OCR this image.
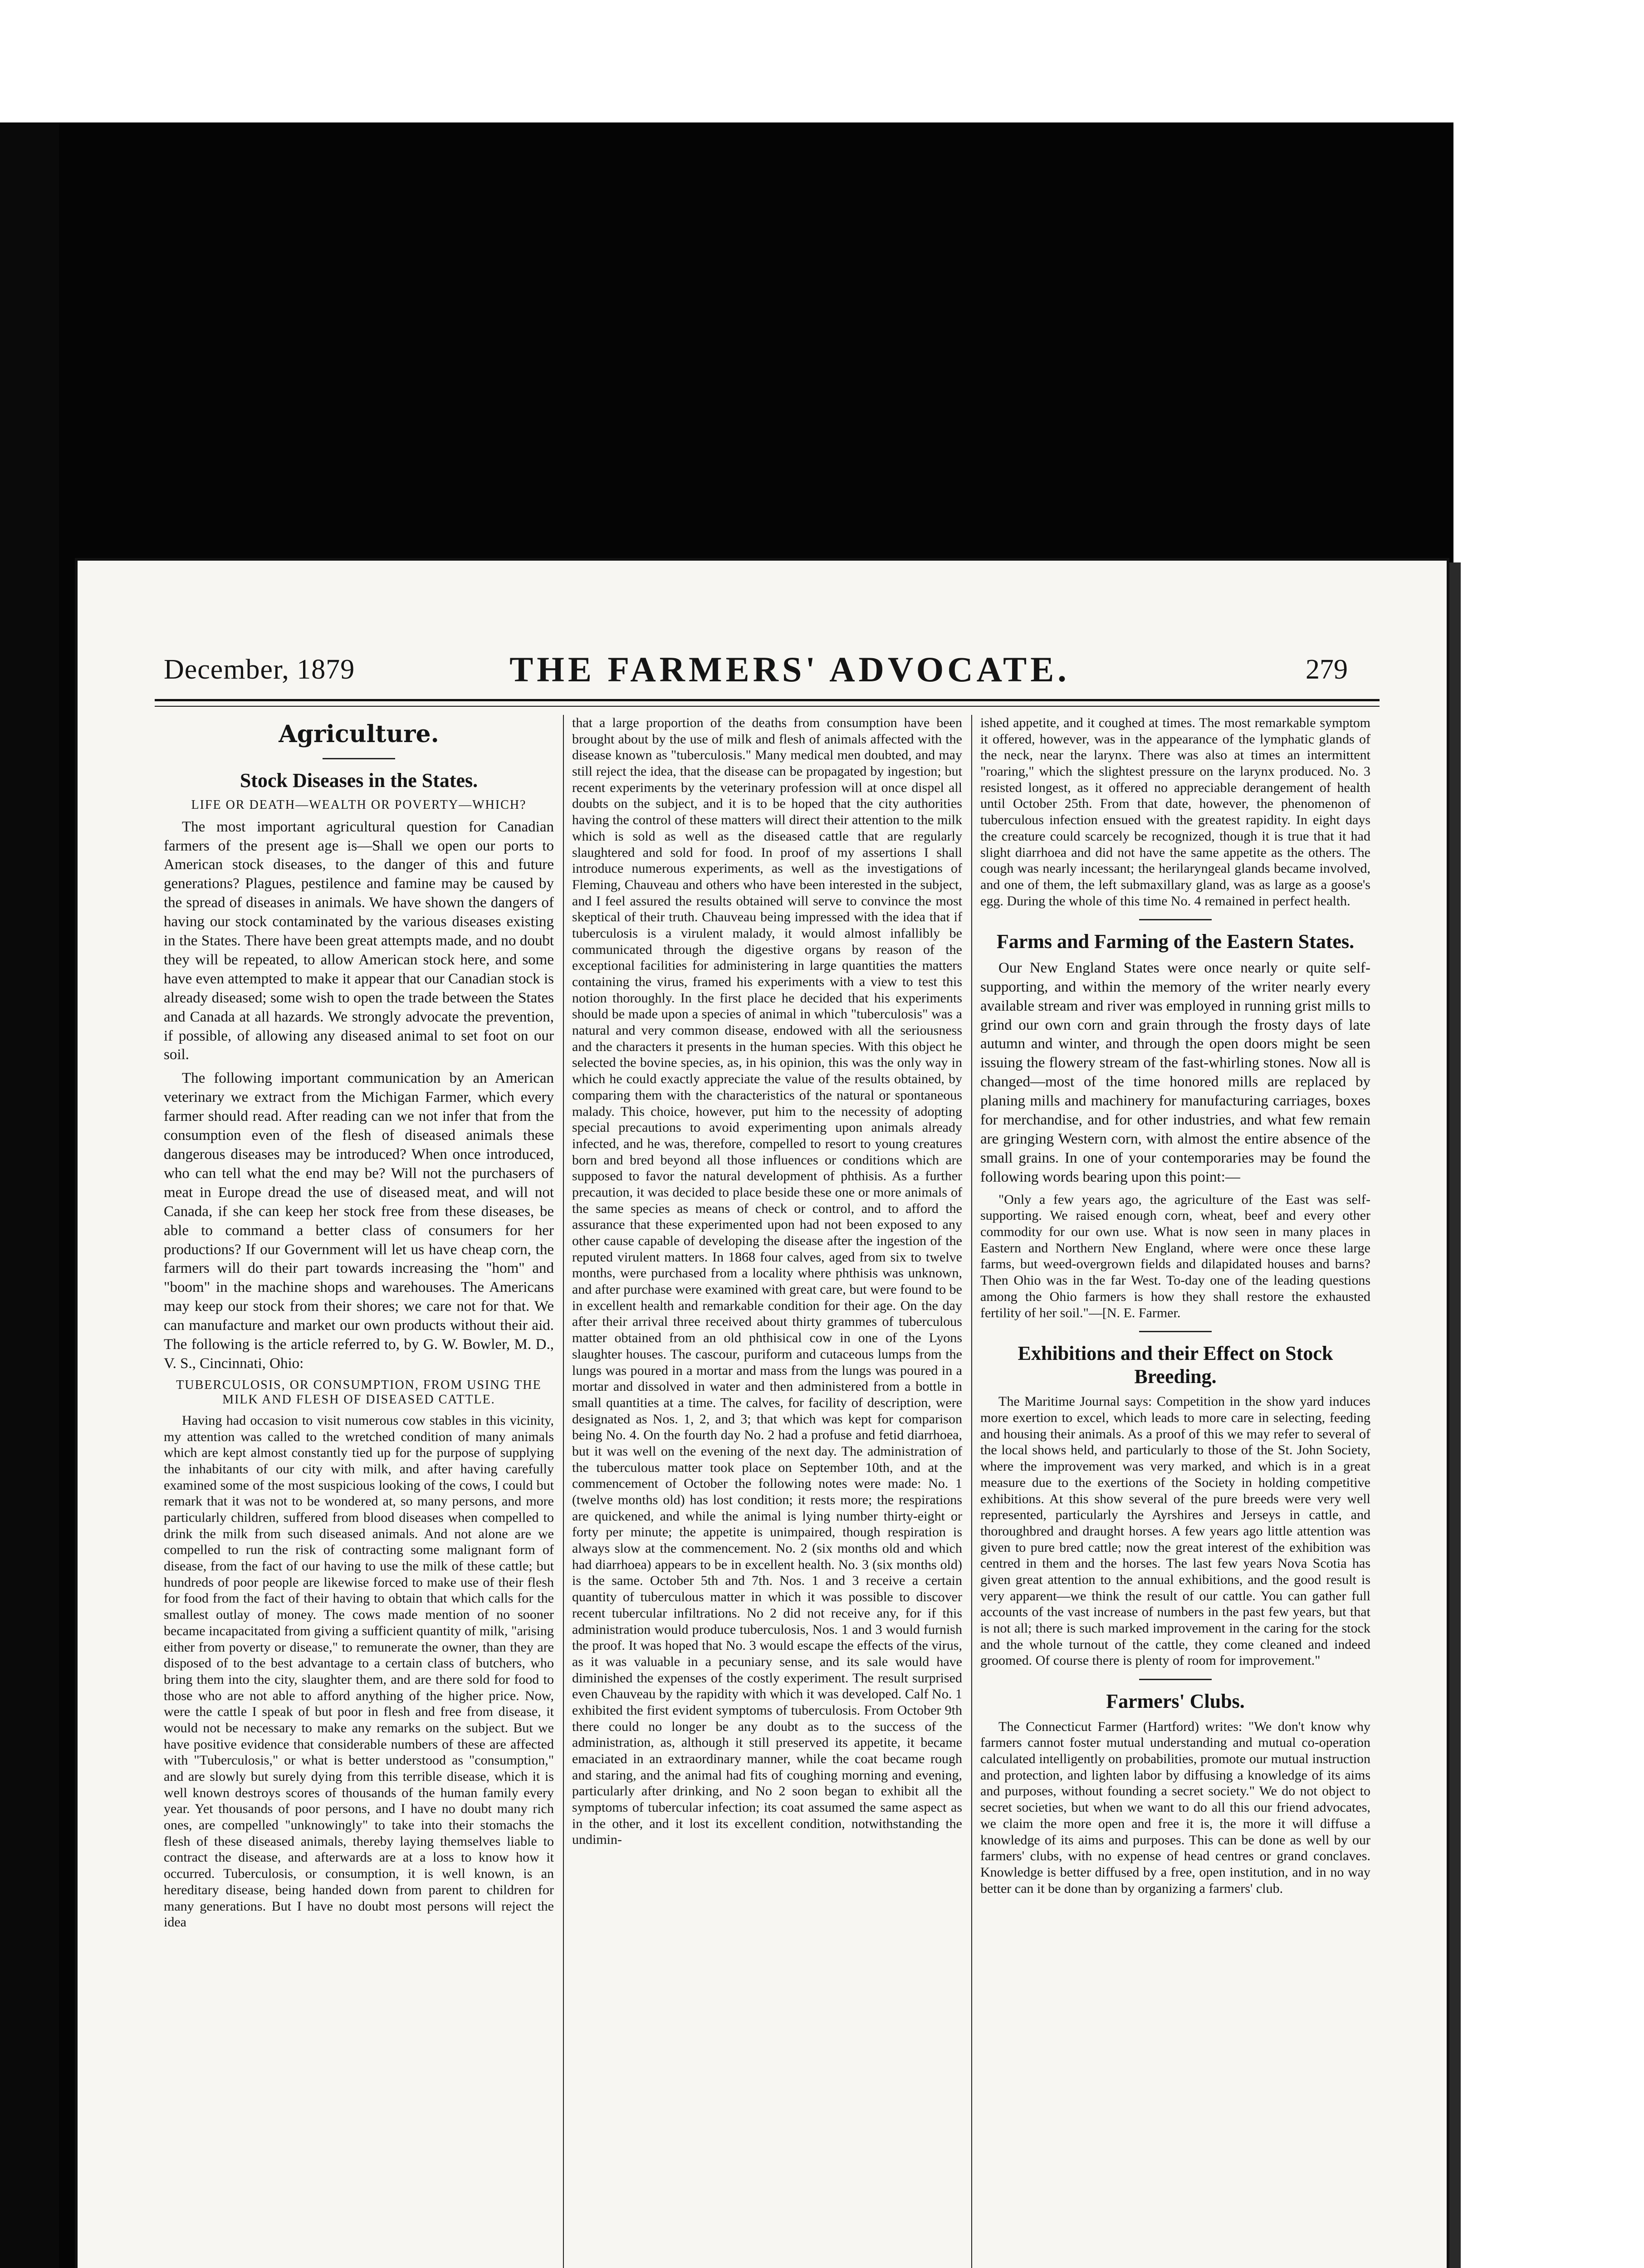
December, 1879	THE FARMERS' ADVOCATE.	279
Agriculture.
Stock Diseases in the States.
LIFE OR DEATH—WEALTH OR POVERTY—WHICH?

The most important agricultural question for Canadian farmers of the present age is—Shall we open our ports to American stock diseases, to the danger of this and future generations? Plagues, pestilence and famine may be caused by the spread of diseases in animals. We have shown the dangers of having our stock contaminated by the various diseases existing in the States. There have been great attempts made, and no doubt they will be repeated, to allow American stock here, and some have even attempted to make it appear that our Canadian stock is already diseased; some wish to open the trade between the States and Canada at all hazards. We strongly advocate the prevention, if possible, of allowing any diseased animal to set foot on our soil.

The following important communication by an American veterinary we extract from the Michigan Farmer, which every farmer should read. After reading can we not infer that from the consumption even of the flesh of diseased animals these dangerous diseases may be introduced? When once introduced, who can tell what the end may be? Will not the purchasers of meat in Europe dread the use of diseased meat, and will not Canada, if she can keep her stock free from these diseases, be able to command a better class of consumers for her productions? If our Government will let us have cheap corn, the farmers will do their part towards increasing the "hom" and "boom" in the machine shops and warehouses. The Americans may keep our stock from their shores; we care not for that. We can manufacture and market our own products without their aid. The following is the article referred to, by G. W. Bowler, M. D., V. S., Cincinnati, Ohio:

TUBERCULOSIS, OR CONSUMPTION, FROM USING THE MILK AND FLESH OF DISEASED CATTLE.

Having had occasion to visit numerous cow stables in this vicinity, my attention was called to the wretched condition of many animals which are kept almost constantly tied up for the purpose of supplying the inhabitants of our city with milk, and after having carefully examined some of the most suspicious looking of the cows, I could but remark that it was not to be wondered at, so many persons, and more particularly children, suffered from blood diseases when compelled to drink the milk from such diseased animals. And not alone are we compelled to run the risk of contracting some malignant form of disease, from the fact of our having to use the milk of these cattle; but hundreds of poor people are likewise forced to make use of their flesh for food from the fact of their having to obtain that which calls for the smallest outlay of money. The cows made mention of no sooner became incapacitated from giving a sufficient quantity of milk, "arising either from poverty or disease," to remunerate the owner, than they are disposed of to the best advantage to a certain class of butchers, who bring them into the city, slaughter them, and are there sold for food to those who are not able to afford anything of the higher price. Now, were the cattle I speak of but poor in flesh and free from disease, it would not be necessary to make any remarks on the subject. But we have positive evidence that considerable numbers of these are affected with "Tuberculosis," or what is better understood as "consumption," and are slowly but surely dying from this terrible disease, which it is well known destroys scores of thousands of the human family every year. Yet thousands of poor persons, and I have no doubt many rich ones, are compelled "unknowingly" to take into their stomachs the flesh of these diseased animals, thereby laying themselves liable to contract the disease, and afterwards are at a loss to know how it occurred. Tuberculosis, or consumption, it is well known, is an hereditary disease, being handed down from parent to children for many generations. But I have no doubt most persons will reject the idea

that a large proportion of the deaths from consumption have been brought about by the use of milk and flesh of animals affected with the disease known as "tuberculosis." Many medical men doubted, and may still reject the idea, that the disease can be propagated by ingestion; but recent experiments by the veterinary profession will at once dispel all doubts on the subject, and it is to be hoped that the city authorities having the control of these matters will direct their attention to the milk which is sold as well as the diseased cattle that are regularly slaughtered and sold for food. In proof of my assertions I shall introduce numerous experiments, as well as the investigations of Fleming, Chauveau and others who have been interested in the subject, and I feel assured the results obtained will serve to convince the most skeptical of their truth. Chauveau being impressed with the idea that if tuberculosis is a virulent malady, it would almost infallibly be communicated through the digestive organs by reason of the exceptional facilities for administering in large quantities the matters containing the virus, framed his experiments with a view to test this notion thoroughly. In the first place he decided that his experiments should be made upon a species of animal in which "tuberculosis" was a natural and very common disease, endowed with all the seriousness and the characters it presents in the human species. With this object he selected the bovine species, as, in his opinion, this was the only way in which he could exactly appreciate the value of the results obtained, by comparing them with the characteristics of the natural or spontaneous malady. This choice, however, put him to the necessity of adopting special precautions to avoid experimenting upon animals already infected, and he was, therefore, compelled to resort to young creatures born and bred beyond all those influences or conditions which are supposed to favor the natural development of phthisis. As a further precaution, it was decided to place beside these one or more animals of the same species as means of check or control, and to afford the assurance that these experimented upon had not been exposed to any other cause capable of developing the disease after the ingestion of the reputed virulent matters. In 1868 four calves, aged from six to twelve months, were purchased from a locality where phthisis was unknown, and after purchase were examined with great care, but were found to be in excellent health and remarkable condition for their age. On the day after their arrival three received about thirty grammes of tuberculous matter obtained from an old phthisical cow in one of the Lyons slaughter houses. The cascour, puriform and cutaceous lumps from the lungs was poured in a mortar and mass from the lungs was poured in a mortar and dissolved in water and then administered from a bottle in small quantities at a time. The calves, for facility of description, were designated as Nos. 1, 2, and 3; that which was kept for comparison being No. 4. On the fourth day No. 2 had a profuse and fetid diarrhoea, but it was well on the evening of the next day. The administration of the tuberculous matter took place on September 10th, and at the commencement of October the following notes were made: No. 1 (twelve months old) has lost condition; it rests more; the respirations are quickened, and while the animal is lying number thirty-eight or forty per minute; the appetite is unimpaired, though respiration is always slow at the commencement. No. 2 (six months old and which had diarrhoea) appears to be in excellent health. No. 3 (six months old) is the same. October 5th and 7th. Nos. 1 and 3 receive a certain quantity of tuberculous matter in which it was possible to discover recent tubercular infiltrations. No 2 did not receive any, for if this administration would produce tuberculosis, Nos. 1 and 3 would furnish the proof. It was hoped that No. 3 would escape the effects of the virus, as it was valuable in a pecuniary sense, and its sale would have diminished the expenses of the costly experiment. The result surprised even Chauveau by the rapidity with which it was developed. Calf No. 1 exhibited the first evident symptoms of tuberculosis. From October 9th there could no longer be any doubt as to the success of the administration, as, although it still preserved its appetite, it became emaciated in an extraordinary manner, while the coat became rough and staring, and the animal had fits of coughing morning and evening, particularly after drinking, and No 2 soon began to exhibit all the symptoms of tubercular infection; its coat assumed the same aspect as in the other, and it lost its excellent condition, notwithstanding the undimin-

ished appetite, and it coughed at times. The most remarkable symptom it offered, however, was in the appearance of the lymphatic glands of the neck, near the larynx. There was also at times an intermittent "roaring," which the slightest pressure on the larynx produced. No. 3 resisted longest, as it offered no appreciable derangement of health until October 25th. From that date, however, the phenomenon of tuberculous infection ensued with the greatest rapidity. In eight days the creature could scarcely be recognized, though it is true that it had slight diarrhoea and did not have the same appetite as the others. The cough was nearly incessant; the herilaryngeal glands became involved, and one of them, the left submaxillary gland, was as large as a goose's egg. During the whole of this time No. 4 remained in perfect health.

Farms and Farming of the Eastern States.

Our New England States were once nearly or quite self-supporting, and within the memory of the writer nearly every available stream and river was employed in running grist mills to grind our own corn and grain through the frosty days of late autumn and winter, and through the open doors might be seen issuing the flowery stream of the fast-whirling stones. Now all is changed—most of the time honored mills are replaced by planing mills and machinery for manufacturing carriages, boxes for merchandise, and for other industries, and what few remain are gringing Western corn, with almost the entire absence of the small grains. In one of your contemporaries may be found the following words bearing upon this point:—

"Only a few years ago, the agriculture of the East was self-supporting. We raised enough corn, wheat, beef and every other commodity for our own use. What is now seen in many places in Eastern and Northern New England, where were once these large farms, but weed-overgrown fields and dilapidated houses and barns? Then Ohio was in the far West. To-day one of the leading questions among the Ohio farmers is how they shall restore the exhausted fertility of her soil."—[N. E. Farmer.

Exhibitions and their Effect on Stock Breeding.

The Maritime Journal says: Competition in the show yard induces more exertion to excel, which leads to more care in selecting, feeding and housing their animals. As a proof of this we may refer to several of the local shows held, and particularly to those of the St. John Society, where the improvement was very marked, and which is in a great measure due to the exertions of the Society in holding competitive exhibitions. At this show several of the pure breeds were very well represented, particularly the Ayrshires and Jerseys in cattle, and thoroughbred and draught horses. A few years ago little attention was given to pure bred cattle; now the great interest of the exhibition was centred in them and the horses. The last few years Nova Scotia has given great attention to the annual exhibitions, and the good result is very apparent—we think the result of our cattle. You can gather full accounts of the vast increase of numbers in the past few years, but that is not all; there is such marked improvement in the caring for the stock and the whole turnout of the cattle, they come cleaned and indeed groomed. Of course there is plenty of room for improvement."

Farmers' Clubs.

The Connecticut Farmer (Hartford) writes: "We don't know why farmers cannot foster mutual understanding and mutual co-operation calculated intelligently on probabilities, promote our mutual instruction and protection, and lighten labor by diffusing a knowledge of its aims and purposes, without founding a secret society." We do not object to secret societies, but when we want to do all this our friend advocates, we claim the more open and free it is, the more it will diffuse a knowledge of its aims and purposes. This can be done as well by our farmers' clubs, with no expense of head centres or grand conclaves. Knowledge is better diffused by a free, open institution, and in no way better can it be done than by organizing a farmers' club.
